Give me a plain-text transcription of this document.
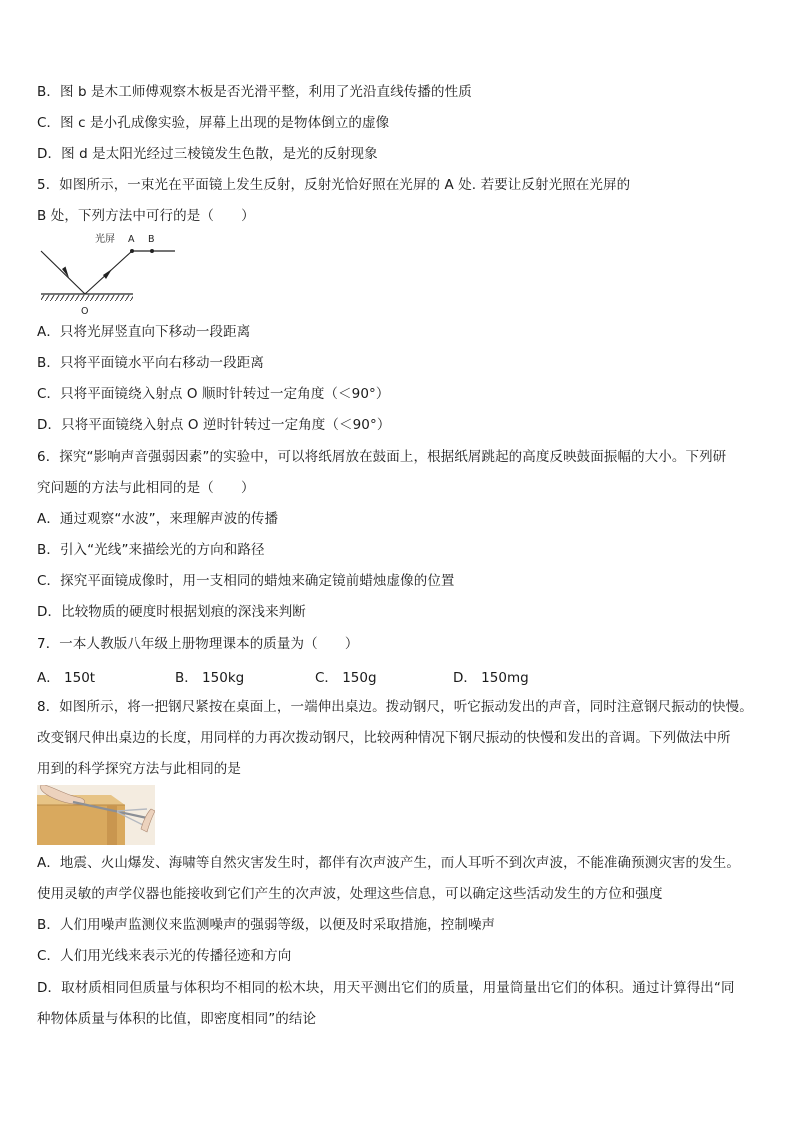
B．图 b 是木工师傅观察木板是否光滑平整，利用了光沿直线传播的性质
C．图 c 是小孔成像实验，屏幕上出现的是物体倒立的虚像
D．图 d 是太阳光经过三棱镜发生色散，是光的反射现象
5．如图所示，一束光在平面镜上发生反射，反射光恰好照在光屏的 A 处. 若要让反射光照在光屏的
B 处，下列方法中可行的是（　　）
光屏 A B
O
A．只将光屏竖直向下移动一段距离
B．只将平面镜水平向右移动一段距离
C．只将平面镜绕入射点 O 顺时针转过一定角度（＜90°）
D．只将平面镜绕入射点 O 逆时针转过一定角度（＜90°）
6．探究“影响声音强弱因素”的实验中，可以将纸屑放在鼓面上，根据纸屑跳起的高度反映鼓面振幅的大小。下列研
究问题的方法与此相同的是（　　）
A．通过观察“水波”，来理解声波的传播
B．引入“光线”来描绘光的方向和路径
C．探究平面镜成像时，用一支相同的蜡烛来确定镜前蜡烛虚像的位置
D．比较物质的硬度时根据划痕的深浅来判断
7．一本人教版八年级上册物理课本的质量为（　　）
A． 150t	B． 150kg	C． 150g	D． 150mg
8．如图所示，将一把钢尺紧按在桌面上，一端伸出桌边。拨动钢尺，听它振动发出的声音，同时注意钢尺振动的快慢。
改变钢尺伸出桌边的长度，用同样的力再次拨动钢尺，比较两种情况下钢尺振动的快慢和发出的音调。下列做法中所
用到的科学探究方法与此相同的是
A．地震、火山爆发、海啸等自然灾害发生时，都伴有次声波产生，而人耳听不到次声波，不能准确预测灾害的发生。
使用灵敏的声学仪器也能接收到它们产生的次声波，处理这些信息，可以确定这些活动发生的方位和强度
B．人们用噪声监测仪来监测噪声的强弱等级，以便及时采取措施，控制噪声
C．人们用光线来表示光的传播径迹和方向
D．取材质相同但质量与体积均不相同的松木块，用天平测出它们的质量，用量筒量出它们的体积。通过计算得出“同
种物体质量与体积的比值，即密度相同”的结论
